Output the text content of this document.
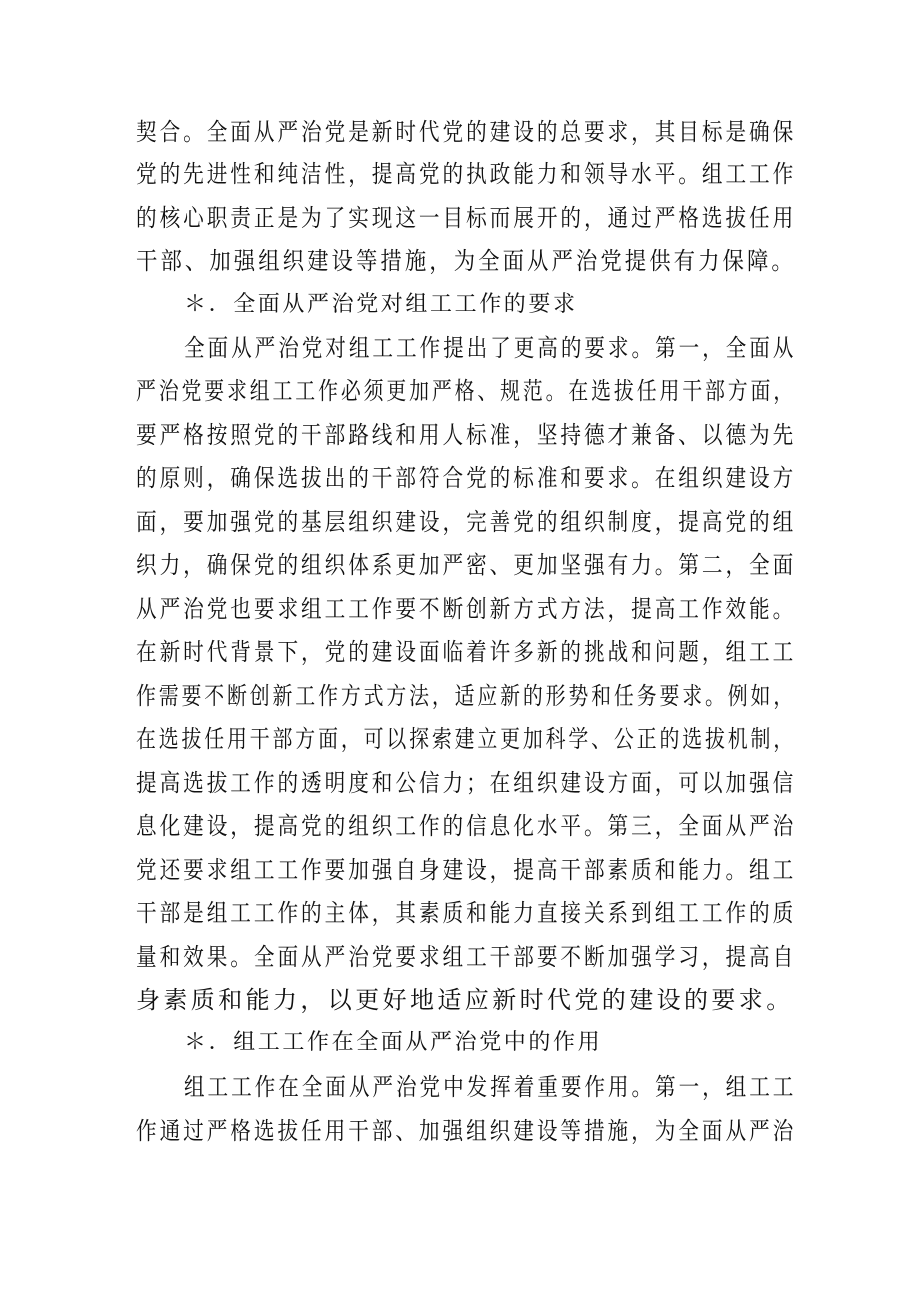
契合。全面从严治党是新时代党的建设的总要求，其目标是确保
党的先进性和纯洁性，提高党的执政能力和领导水平。组工工作
的核心职责正是为了实现这一目标而展开的，通过严格选拔任用
干部、加强组织建设等措施，为全面从严治党提供有力保障。
＊．全面从严治党对组工工作的要求
全面从严治党对组工工作提出了更高的要求。第一，全面从
严治党要求组工工作必须更加严格、规范。在选拔任用干部方面，
要严格按照党的干部路线和用人标准，坚持德才兼备、以德为先
的原则，确保选拔出的干部符合党的标准和要求。在组织建设方
面，要加强党的基层组织建设，完善党的组织制度，提高党的组
织力，确保党的组织体系更加严密、更加坚强有力。第二，全面
从严治党也要求组工工作要不断创新方式方法，提高工作效能。
在新时代背景下，党的建设面临着许多新的挑战和问题，组工工
作需要不断创新工作方式方法，适应新的形势和任务要求。例如，
在选拔任用干部方面，可以探索建立更加科学、公正的选拔机制，
提高选拔工作的透明度和公信力；在组织建设方面，可以加强信
息化建设，提高党的组织工作的信息化水平。第三，全面从严治
党还要求组工工作要加强自身建设，提高干部素质和能力。组工
干部是组工工作的主体，其素质和能力直接关系到组工工作的质
量和效果。全面从严治党要求组工干部要不断加强学习，提高自
身素质和能力，以更好地适应新时代党的建设的要求。
＊．组工工作在全面从严治党中的作用
组工工作在全面从严治党中发挥着重要作用。第一，组工工
作通过严格选拔任用干部、加强组织建设等措施，为全面从严治
